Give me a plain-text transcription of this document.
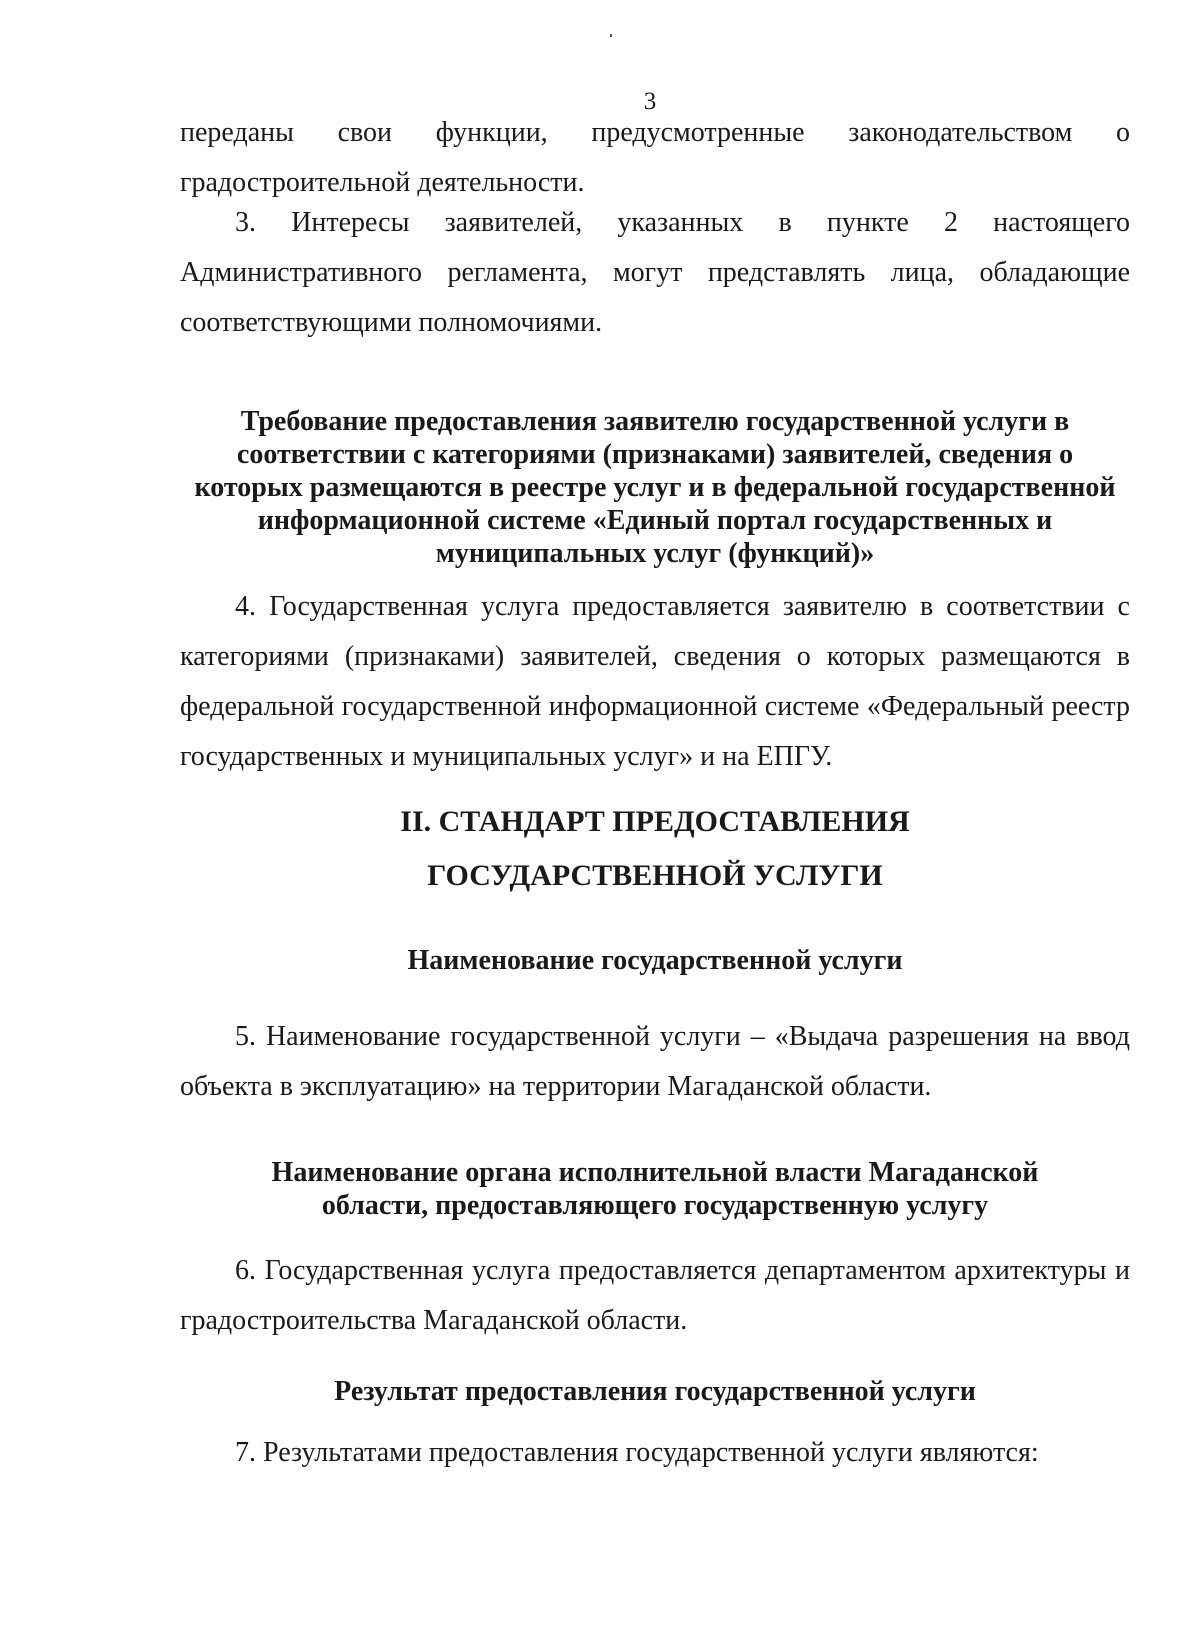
3

переданы свои функции, предусмотренные законодательством о градостроительной деятельности.

3. Интересы заявителей, указанных в пункте 2 настоящего Административного регламента, могут представлять лица, обладающие соответствующими полномочиями.

Требование предоставления заявителю государственной услуги в соответствии с категориями (признаками) заявителей, сведения о которых размещаются в реестре услуг и в федеральной государственной информационной системе «Единый портал государственных и муниципальных услуг (функций)»

4. Государственная услуга предоставляется заявителю в соответствии с категориями (признаками) заявителей, сведения о которых размещаются в федеральной государственной информационной системе «Федеральный реестр государственных и муниципальных услуг» и на ЕПГУ.

II. СТАНДАРТ ПРЕДОСТАВЛЕНИЯ ГОСУДАРСТВЕННОЙ УСЛУГИ
Наименование государственной услуги

5. Наименование государственной услуги – «Выдача разрешения на ввод объекта в эксплуатацию» на территории Магаданской области.

Наименование органа исполнительной власти Магаданской области, предоставляющего государственную услугу

6. Государственная услуга предоставляется департаментом архитектуры и градостроительства Магаданской области.

Результат предоставления государственной услуги

7. Результатами предоставления государственной услуги являются:
